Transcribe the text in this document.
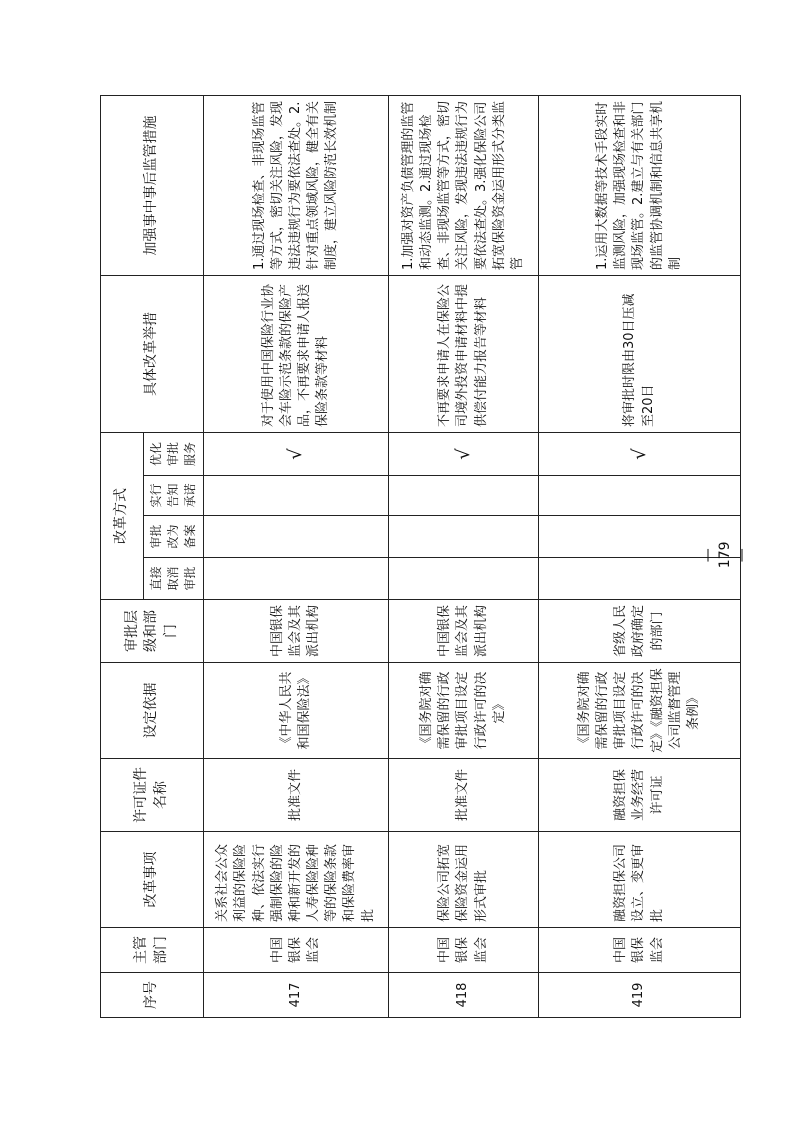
序号	主管部门	改革事项	许可证件名称	设定依据	审批层级和部门	改革方式				具体改革举措	加强事中事后监管措施
						直接取消审批	审批改为备案	实行告知承诺	优化审批服务		
417	中国银保监会	关系社会公众利益的保险险种、依法实行强制保险的险种和新开发的人寿保险险种等的保险条款和保险费率审批	批准文件	《中华人民共和国保险法》	中国银保监会及其派出机构				√	对于使用中国保险行业协会车险示范条款的保险产品，不再要求申请人报送保险条款等材料	1.通过现场检查、非现场监管等方式，密切关注风险，发现违法违规行为要依法查处。2.针对重点领域风险，健全有关制度，建立风险防范长效机制
418	中国银保监会	保险公司拓宽保险资金运用形式审批	批准文件	《国务院对确需保留的行政审批项目设定行政许可的决定》	中国银保监会及其派出机构				√	不再要求申请人在保险公司境外投资申请材料中提供偿付能力报告等材料	1.加强对资产负债管理的监管和动态监测。2.通过现场检查、非现场监管等方式，密切关注风险，发现违法违规行为要依法查处。3.强化保险公司拓宽保险资金运用形式分类监管
419	中国银保监会	融资担保公司设立、变更审批	融资担保业务经营许可证	《国务院对确需保留的行政审批项目设定行政许可的决定》《融资担保公司监督管理条例》	省级人民政府确定的部门				√	将审批时限由30日压减至20日	1.运用大数据等技术手段实时监测风险，加强现场检查和非现场监管。2.建立与有关部门的监管协调机制和信息共享机制
— 179 —
